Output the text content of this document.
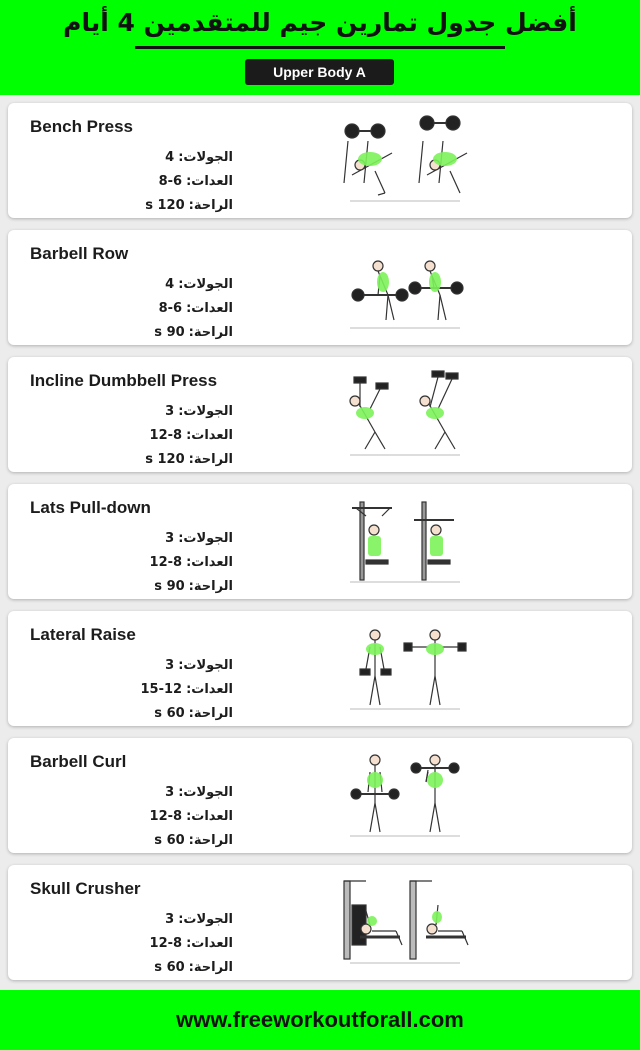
أفضل جدول تمارين جيم للمتقدمين 4 أيام
Upper Body A
Bench Press
الجولات:4
العدات:6-8
الراحة:120 s
Barbell Row
الجولات:4
العدات:6-8
الراحة:90 s
Incline Dumbbell Press
الجولات:3
العدات:8-12
الراحة:120 s
Lats Pull-down
الجولات:3
العدات:8-12
الراحة:90 s
Lateral Raise
الجولات:3
العدات:12-15
الراحة:60 s
Barbell Curl
الجولات:3
العدات:8-12
الراحة:60 s
Skull Crusher
الجولات:3
العدات:8-12
الراحة:60 s
www.freeworkoutforall.com
